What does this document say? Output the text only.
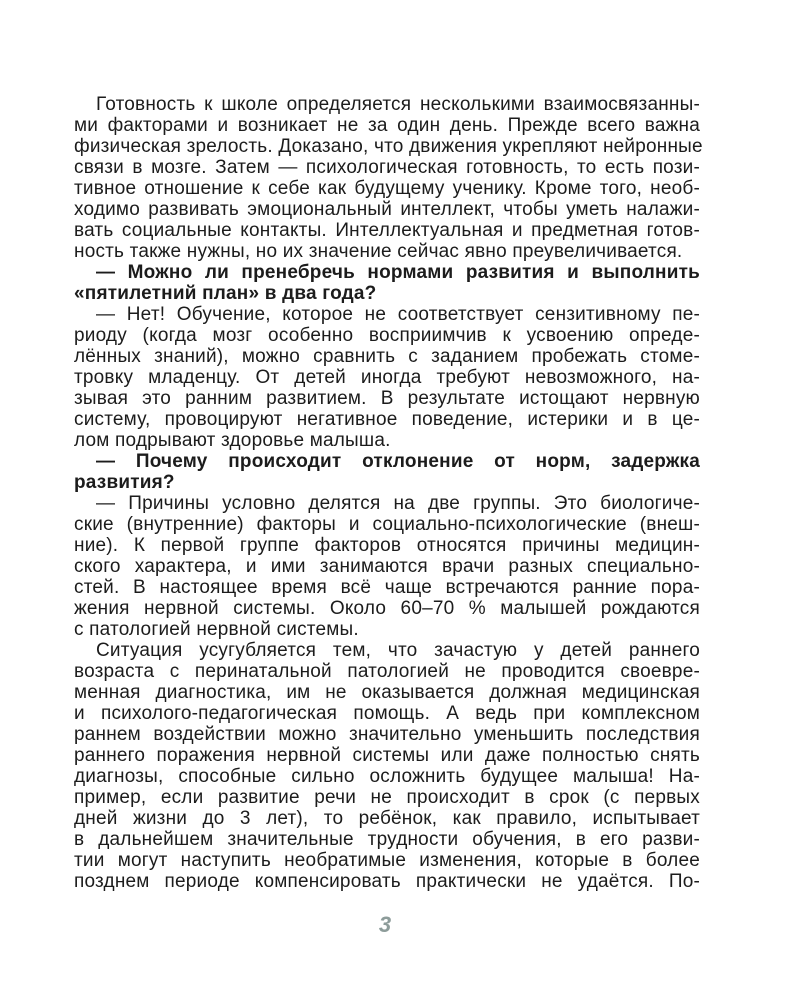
Готовность к школе определяется несколькими взаимосвязанны-

ми факторами и возникает не за один день. Прежде всего важна

физическая зрелость. Доказано, что движения укрепляют нейронные

связи в мозге. Затем — психологическая готовность, то есть пози-

тивное отношение к себе как будущему ученику. Кроме того, необ-

ходимо развивать эмоциональный интеллект, чтобы уметь налажи-

вать социальные контакты. Интеллектуальная и предметная готов-

ность также нужны, но их значение сейчас явно преувеличивается.

— Можно ли пренебречь нормами развития и выполнить

«пятилетний план» в два года?

— Нет! Обучение, которое не соответствует сензитивному пе-

риоду (когда мозг особенно восприимчив к усвоению опреде-

лённых знаний), можно сравнить с заданием пробежать стоме-

тровку младенцу. От детей иногда требуют невозможного, на-

зывая это ранним развитием. В результате истощают нервную

систему, провоцируют негативное поведение, истерики и в це-

лом подрывают здоровье малыша.

— Почему происходит отклонение от норм, задержка

развития?

— Причины условно делятся на две группы. Это биологиче-

ские (внутренние) факторы и социально-психологические (внеш-

ние). К первой группе факторов относятся причины медицин-

ского характера, и ими занимаются врачи разных специально-

стей. В настоящее время всё чаще встречаются ранние пора-

жения нервной системы. Около 60–70 % малышей рождаются

с патологией нервной системы.

Ситуация усугубляется тем, что зачастую у детей раннего

возраста с перинатальной патологией не проводится своевре-

менная диагностика, им не оказывается должная медицинская

и психолого-педагогическая помощь. А ведь при комплексном

раннем воздействии можно значительно уменьшить последствия

раннего поражения нервной системы или даже полностью снять

диагнозы, способные сильно осложнить будущее малыша! На-

пример, если развитие речи не происходит в срок (с первых

дней жизни до 3 лет), то ребёнок, как правило, испытывает

в дальнейшем значительные трудности обучения, в его разви-

тии могут наступить необратимые изменения, которые в более

позднем периоде компенсировать практически не удаётся. По-

3
